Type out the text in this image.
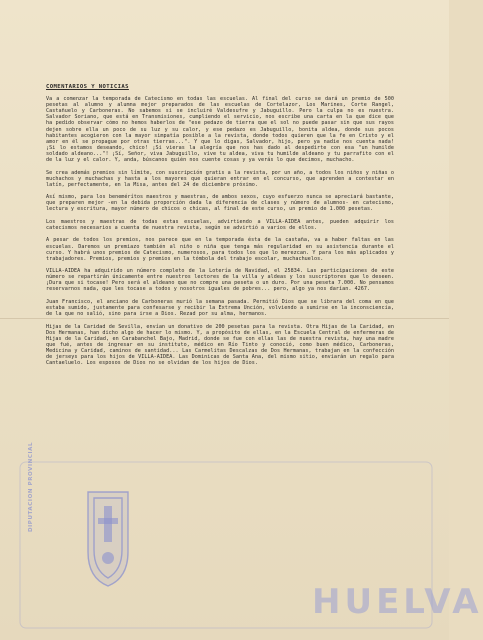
COMENTARIOS Y NOTICIAS

Va a comenzar la temporada de Catecismo en todas las escuelas. Al final del curso se dará un premio de 500 pesetas al alumno y alumna mejor preparados de las escuelas de Cortelazor, Los Marines, Corte Rangel, Castañuelo y Carboneras. No sabemos si se incluiré Valdesufre y Jabuguillo. Pero la culpa no es nuestra. Salvador Soriano, que está en Transmisiones, cumpliendo el servicio, nos escribe una carta en la que dice que ha pedido observar cómo no hemos haberlos de "ese pedazo de tierra que el sol no puede pasar sin que sus rayos dejen sobre ella un poco de su luz y su calor, y ese pedazo es Jabuguillo, bonita aldea, donde sus pocos habitantes acogieron con la mayor simpatía posible a la revista, donde todos quieren que la fe en Cristo y el amor en él se propague por otras tierras...". Y que lo digas, Salvador, hijo, pero ya nadie nos cuenta nada! ¡Si lo estamos deseando, chico! ¡Si vieras la alegría que nos has dado al despedirte con esa "un humilde soldado aldeano..."! ¡Sí, Señor, viva Jabuguillo, vive tu aldea, viva tu humilde aldeano y tu parrafito con el de la luz y el calor. Y, anda, búscanos quién nos cuente cosas y ya verás lo que decimos, muchacho.

Se crea además premios sin límite, con suscripción gratis a la revista, por un año, a todos los niños y niñas o muchachos y muchachas y hasta a los mayores que quieran entrar en el concurso, que aprenden a contestar en latín, perfectamente, en la Misa, antes del 24 de diciembre próximo.

Así mismo, para los benemérítos maestros y maestras, de ambos sexos, cuyo esfuerzo nunca se apreciará bastante, que preparen mejor -en la debida proporción dada la diferencia de clases y número de alumnos- en catecismo, lectura y escritura, mayor número de chicos o chicas, al final de este curso, un premio de 1.000 pesetas.

Los maestros y maestras de todas estas escuelas, advirtiendo a VILLA-AIDEA antes, pueden adquirir los catecismos necesarios a cuenta de nuestra revista, según se advirtió a varios de ellos.

A pesar de todos los premios, nos parece que en la temporada ésta de la castaña, va a haber faltas en las escuelas. Daremos un premiazo también al niño o niña que tenga más regularidad en su asistencia durante el curso. Y habrá unos premios de Catecismo, numerosos, para todos los que lo merezcan. Y para los más aplicados y trabajadores. Premios, premios y premios en la tómbola del trabajo escolar, muchachuelos.

VILLA-AIDEA ha adquirido un número completo de la Lotería de Navidad, el 25834. Las participaciones de este número se repartirán únicamente entre nuestros lectores de la villa y aldeas y los suscriptores que lo deseen. ¡Dura que si tocase! Pero será el aldeano que no compre una peseta o un duro. Por una peseta 7.000. No pensamos reservarnos nada, que les tocase a todos y nosotros iguales de pobres... pero, algo ya nos darían. 4267.

Juan Francisco, el anciano de Carboneras murió la semana pasada. Permitió Dios que se librara del coma en que estaba sumido, justamente para confesarse y recibir la Extrema Unción, volviendo a sumirse en la inconsciencia, de la que no salió, sino para irse a Dios. Rezad por su alma, hermanos.

Hijas de la Caridad de Sevilla, envían un donativo de 200 pesetas para la revista. Otra Hijas de la Caridad, en Dos Hermanas, han dicho algo de hacer lo mismo. Y, a propósito de ellas, en la Escuela Central de enfermeras de Hijas de la Caridad, en Carabanchel Bajo, Madrid, donde se fue con ellas las de nuestra revista, hay una madre que fué, antes de ingresar en su instituto, médico en Río Tinto y conoció, como buen médico, Carboneras, Medicina y Caridad, caminos de santidad... Las Carmelitas Descalzas de Dos Hermanas, trabajan en la confección de jerseys para los hijos de VILLA-AIDEA. Las Dominicas de Santa Ana, del mismo sitio, enviarán un regalo para Cantaeluelo. Los esposos de Dios no se olvidan de los hijos de Dios.

DIPUTACION PROVINCIAL
HUELVA
